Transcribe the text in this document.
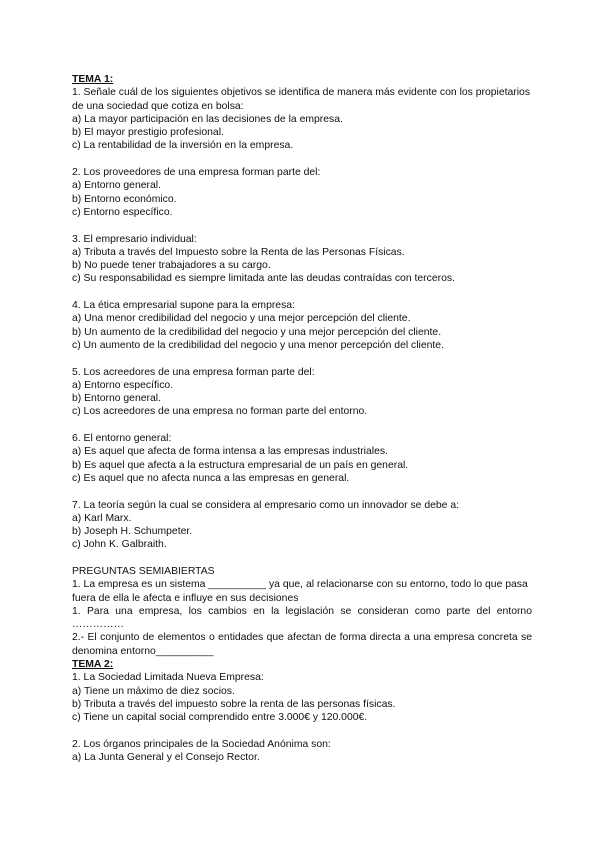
TEMA 1:
1. Señale cuál de los siguientes objetivos se identifica de manera más evidente con los propietarios de una sociedad que cotiza en bolsa:
a) La mayor participación en las decisiones de la empresa.
b) El mayor prestigio profesional.
c) La rentabilidad de la inversión en la empresa.
2. Los proveedores de una empresa forman parte del:
a) Entorno general.
b) Entorno económico.
c) Entorno específico.
3. El empresario individual:
a) Tributa a través del Impuesto sobre la Renta de las Personas Físicas.
b) No puede tener trabajadores a su cargo.
c) Su responsabilidad es siempre limitada ante las deudas contraídas con terceros.
4. La ética empresarial supone para la empresa:
a) Una menor credibilidad del negocio y una mejor percepción del cliente.
b) Un aumento de la credibilidad del negocio y una mejor percepción del cliente.
c) Un aumento de la credibilidad del negocio y una menor percepción del cliente.
5. Los acreedores de una empresa forman parte del:
a) Entorno específico.
b) Entorno general.
c) Los acreedores de una empresa no forman parte del entorno.
6. El entorno general:
a) Es aquel que afecta de forma intensa a las empresas industriales.
b) Es aquel que afecta a la estructura empresarial de un país en general.
c) Es aquel que no afecta nunca a las empresas en general.
7. La teoría según la cual se considera al empresario como un innovador se debe a:
a) Karl Marx.
b) Joseph H. Schumpeter.
c) John K. Galbraith.
PREGUNTAS SEMIABIERTAS
1. La empresa es un sistema __________ ya que, al relacionarse con su entorno, todo lo que pasa fuera de ella le afecta e influye en sus decisiones
1. Para una empresa, los cambios en la legislación se consideran como parte del entorno ……………
2.- El conjunto de elementos o entidades que afectan de forma directa a una empresa concreta se denomina entorno__________
TEMA 2:
1. La Sociedad Limitada Nueva Empresa:
a) Tiene un máximo de diez socios.
b) Tributa a través del impuesto sobre la renta de las personas físicas.
c) Tiene un capital social comprendido entre 3.000€ y 120.000€.
2. Los órganos principales de la Sociedad Anónima son:
a) La Junta General y el Consejo Rector.
